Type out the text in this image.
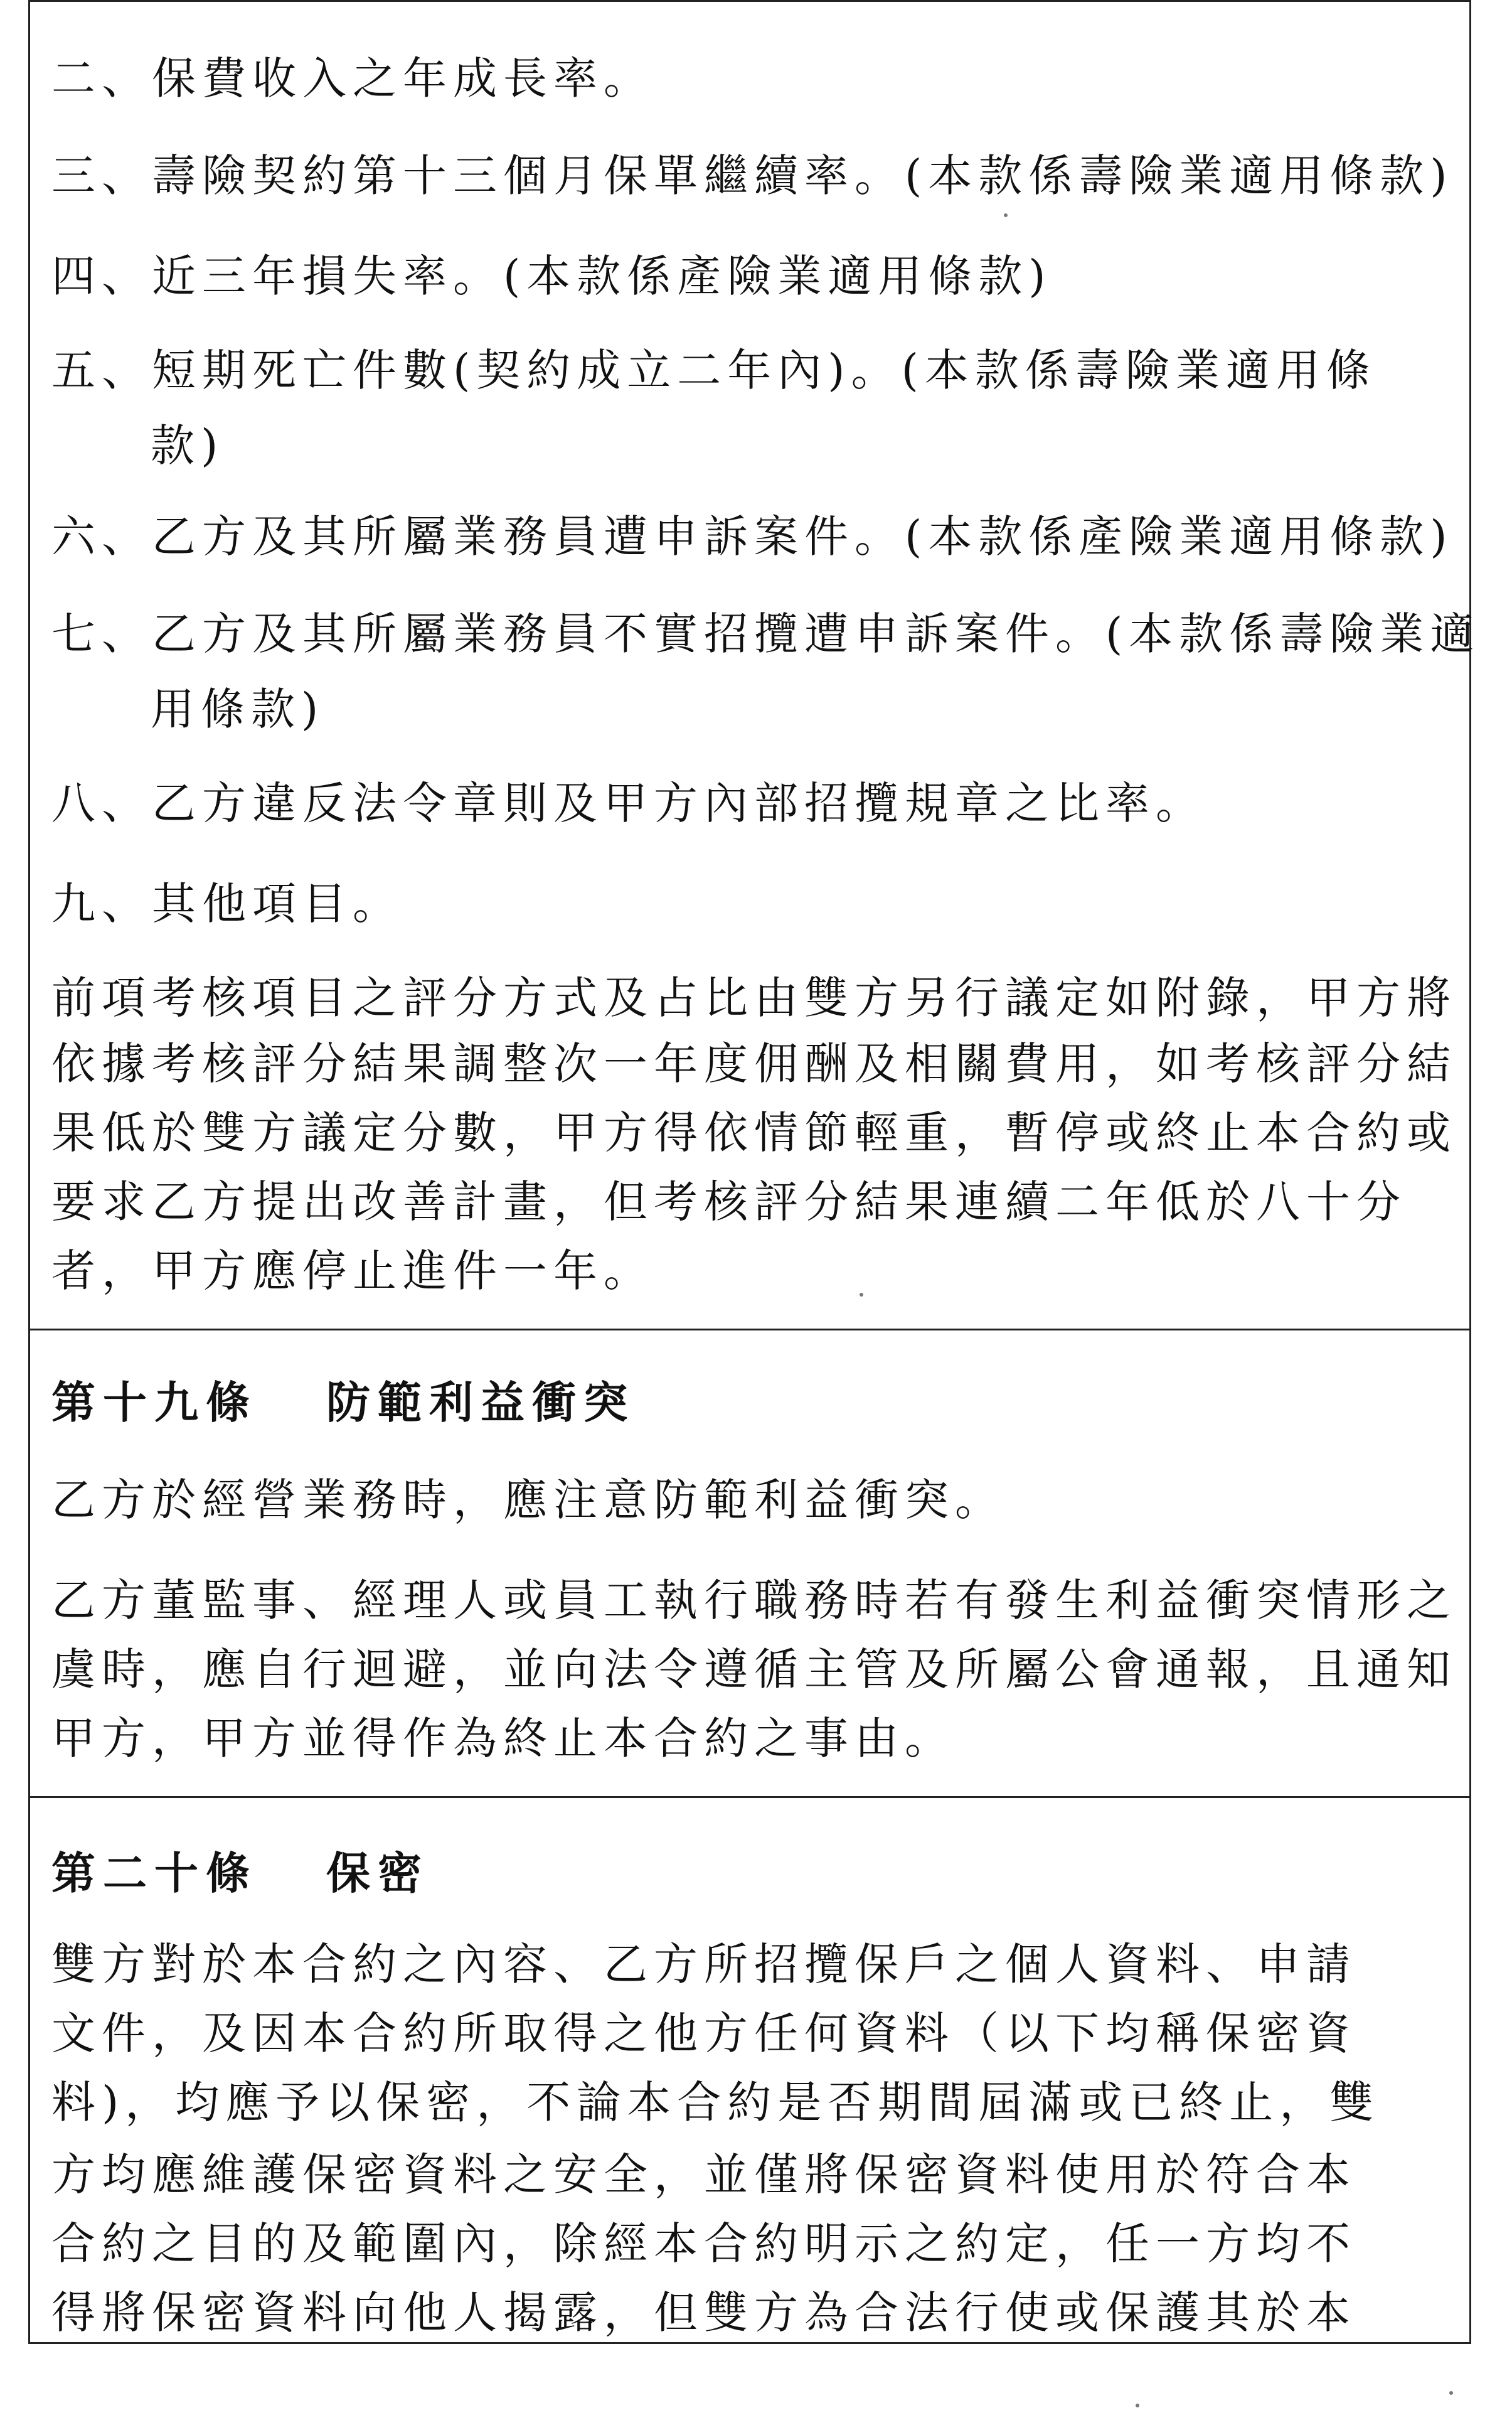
二、保費收入之年成長率。
三、壽險契約第十三個月保單繼續率。(本款係壽險業適用條款)
四、近三年損失率。(本款係產險業適用條款)
五、短期死亡件數(契約成立二年內)。(本款係壽險業適用條
款)
六、乙方及其所屬業務員遭申訴案件。(本款係產險業適用條款)
七、乙方及其所屬業務員不實招攬遭申訴案件。(本款係壽險業適
用條款)
八、乙方違反法令章則及甲方內部招攬規章之比率。
九、其他項目。
前項考核項目之評分方式及占比由雙方另行議定如附錄，甲方將
依據考核評分結果調整次一年度佣酬及相關費用，如考核評分結
果低於雙方議定分數，甲方得依情節輕重，暫停或終止本合約或
要求乙方提出改善計畫，但考核評分結果連續二年低於八十分
者，甲方應停止進件一年。
第十九條 防範利益衝突
乙方於經營業務時，應注意防範利益衝突。
乙方董監事、經理人或員工執行職務時若有發生利益衝突情形之
虞時，應自行迴避，並向法令遵循主管及所屬公會通報，且通知
甲方，甲方並得作為終止本合約之事由。
第二十條 保密
雙方對於本合約之內容、乙方所招攬保戶之個人資料、申請
文件，及因本合約所取得之他方任何資料（以下均稱保密資
料)，均應予以保密，不論本合約是否期間屆滿或已終止，雙
方均應維護保密資料之安全，並僅將保密資料使用於符合本
合約之目的及範圍內，除經本合約明示之約定，任一方均不
得將保密資料向他人揭露，但雙方為合法行使或保護其於本
